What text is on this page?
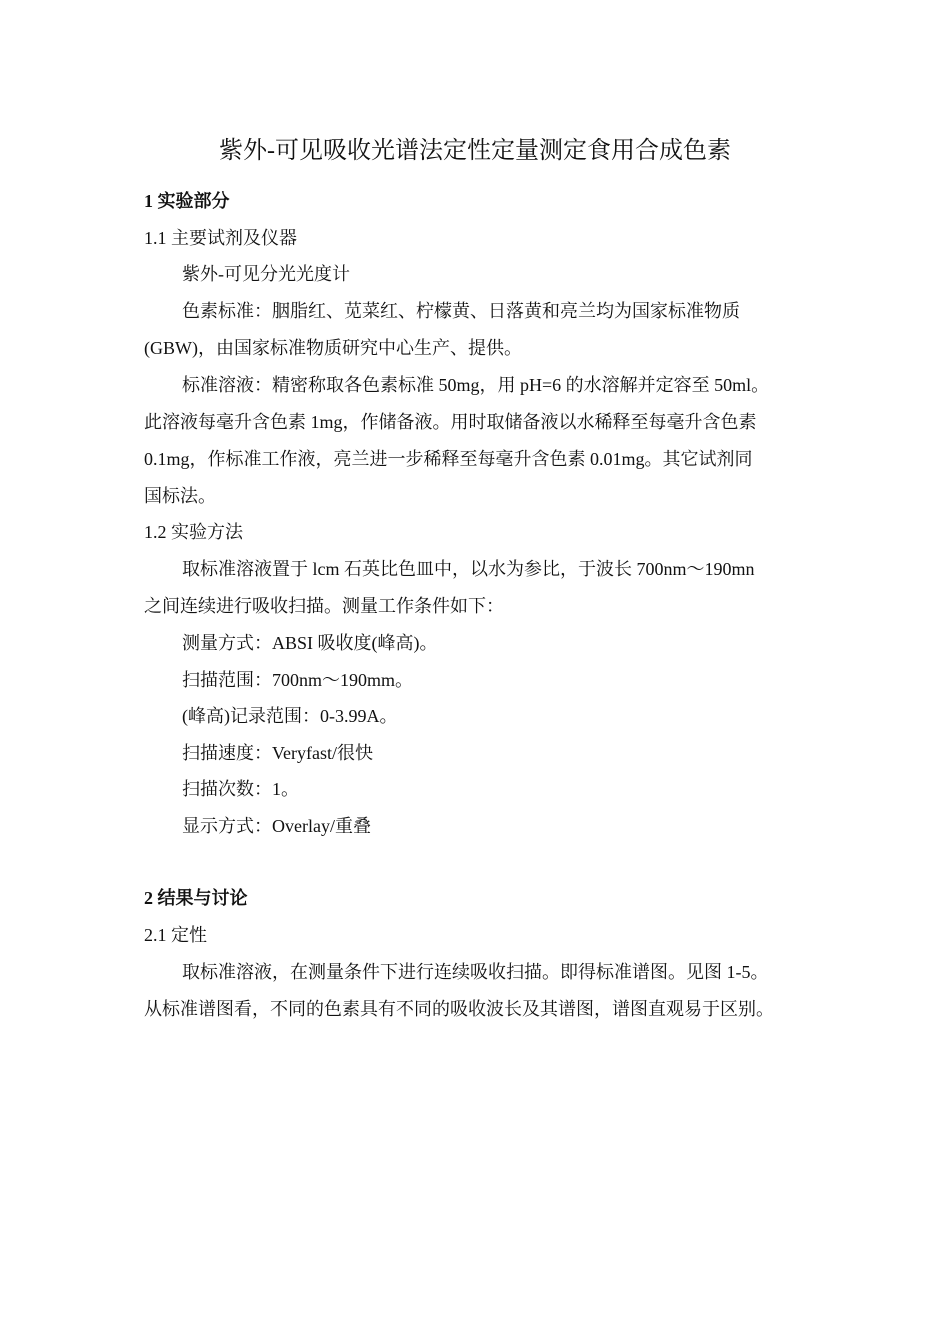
紫外-可见吸收光谱法定性定量测定食用合成色素
1 实验部分
1.1 主要试剂及仪器
紫外-可见分光光度计
色素标准：胭脂红、苋菜红、柠檬黄、日落黄和亮兰均为国家标准物质
(GBW)，由国家标准物质研究中心生产、提供。
标准溶液：精密称取各色素标准 50mg，用 pH=6 的水溶解并定容至 50ml。
此溶液每毫升含色素 1mg，作储备液。用时取储备液以水稀释至每毫升含色素
0.1mg，作标准工作液，亮兰进一步稀释至每毫升含色素 0.01mg。其它试剂同
国标法。
1.2 实验方法
取标准溶液置于 lcm 石英比色皿中，以水为参比，于波长 700nm～190mn
之间连续进行吸收扫描。测量工作条件如下：
测量方式：ABSI 吸收度(峰高)。
扫描范围：700nm～190mm。
(峰高)记录范围：0-3.99A。
扫描速度：Veryfast/很快
扫描次数：1。
显示方式：Overlay/重叠
2 结果与讨论
2.1 定性
取标准溶液，在测量条件下进行连续吸收扫描。即得标准谱图。见图 1-5。
从标准谱图看，不同的色素具有不同的吸收波长及其谱图，谱图直观易于区别。
